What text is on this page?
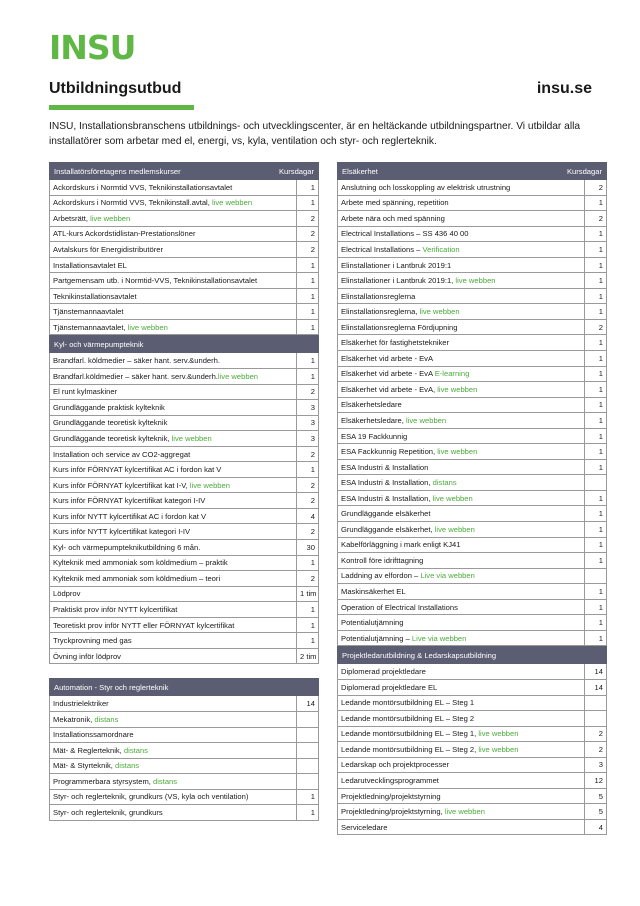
INSU
Utbildningsutbud	insu.se
INSU, Installationsbranschens utbildnings- och utvecklingscenter, är en heltäckande utbildningspartner. Vi utbildar alla installatörer som arbetar med el, energi, vs, kyla, ventilation och styr- och reglerteknik.
Installatörsföretagens medlemskurser	Kursdagar
Ackordskurs i Normtid VVS, Teknikinstallationsavtalet	1
Ackordskurs i Normtid VVS, Teknikinstall.avtal, live webben	1
Arbetsrätt, live webben	2
ATL-kurs Ackordstidlistan-Prestationslöner	2
Avtalskurs för Energidistributörer	2
Installationsavtalet EL	1
Partgemensam utb. i Normtid-VVS, Teknikinstallationsavtalet	1
Teknikinstallationsavtalet	1
Tjänstemannaavtalet	1
Tjänstemannaavtalet, live webben	1
Kyl- och värmepumpteknik	
Brandfarl. köldmedier – säker hant. serv.&underh.	1
Brandfarl.köldmedier – säker hant. serv.&underh.live webben	1
El runt kylmaskiner	2
Grundläggande praktisk kylteknik	3
Grundläggande teoretisk kylteknik	3
Grundläggande teoretisk kylteknik, live webben	3
Installation och service av CO2-aggregat	2
Kurs inför FÖRNYAT kylcertifikat AC i fordon kat V	1
Kurs inför FÖRNYAT kylcertifikat kat I-V, live webben	2
Kurs inför FÖRNYAT kylcertifikat kategori I-IV	2
Kurs inför NYTT kylcertifikat AC i fordon kat V	4
Kurs inför NYTT kylcertifikat kategori I-IV	2
Kyl- och värmepumpteknikutbildning 6 mån.	30
Kylteknik med ammoniak som köldmedium – praktik	1
Kylteknik med ammoniak som köldmedium – teori	2
Lödprov	1 tim
Praktiskt prov inför NYTT kylcertifikat	1
Teoretiskt prov inför NYTT eller FÖRNYAT kylcertifikat	1
Tryckprovning med gas	1
Övning inför lödprov	2 tim
Automation - Styr och reglerteknik	
Industrielektriker	14
Mekatronik, distans	
Installationssamordnare	
Mät- & Reglerteknik, distans	
Mät- & Styrteknik, distans	
Programmerbara styrsystem, distans	
Styr- och reglerteknik, grundkurs (VS, kyla och ventilation)	1
Styr- och reglerteknik, grundkurs	1
Elsäkerhet	Kursdagar
Anslutning och losskoppling av elektrisk utrustning	2
Arbete med spänning, repetition	1
Arbete nära och med spänning	2
Electrical Installations – SS 436 40 00	1
Electrical Installations – Verification	1
Elinstallationer i Lantbruk 2019:1	1
Elinstallationer i Lantbruk 2019:1, live webben	1
Elinstallationsreglerna	1
Elinstallationsreglerna, live webben	1
Elinstallationsreglerna Fördjupning	2
Elsäkerhet för fastighetstekniker	1
Elsäkerhet vid arbete - EvA	1
Elsäkerhet vid arbete - EvA E-learning	1
Elsäkerhet vid arbete - EvA, live webben	1
Elsäkerhetsledare	1
Elsäkerhetsledare, live webben	1
ESA 19 Fackkunnig	1
ESA Fackkunnig Repetition, live webben	1
ESA Industri & Installation	1
ESA Industri & Installation, distans	
ESA Industri & Installation, live webben	1
Grundläggande elsäkerhet	1
Grundläggande elsäkerhet, live webben	1
Kabelförläggning i mark enligt KJ41	1
Kontroll före idrifttagning	1
Laddning av elfordon – Live via webben	
Maskinsäkerhet EL	1
Operation of Electrical Installations	1
Potentialutjämning	1
Potentialutjämning – Live via webben	1
Projektledarutbildning & Ledarskapsutbildning	
Diplomerad projektledare	14
Diplomerad projektledare EL	14
Ledande montörsutbildning EL – Steg 1	
Ledande montörsutbildning EL – Steg 2	
Ledande montörsutbildning EL – Steg 1, live webben	2
Ledande montörsutbildning EL – Steg 2, live webben	2
Ledarskap och projektprocesser	3
Ledarutvecklingsprogrammet	12
Projektledning/projektstyrning	5
Projektledning/projektstyrning, live webben	5
Serviceledare	4
